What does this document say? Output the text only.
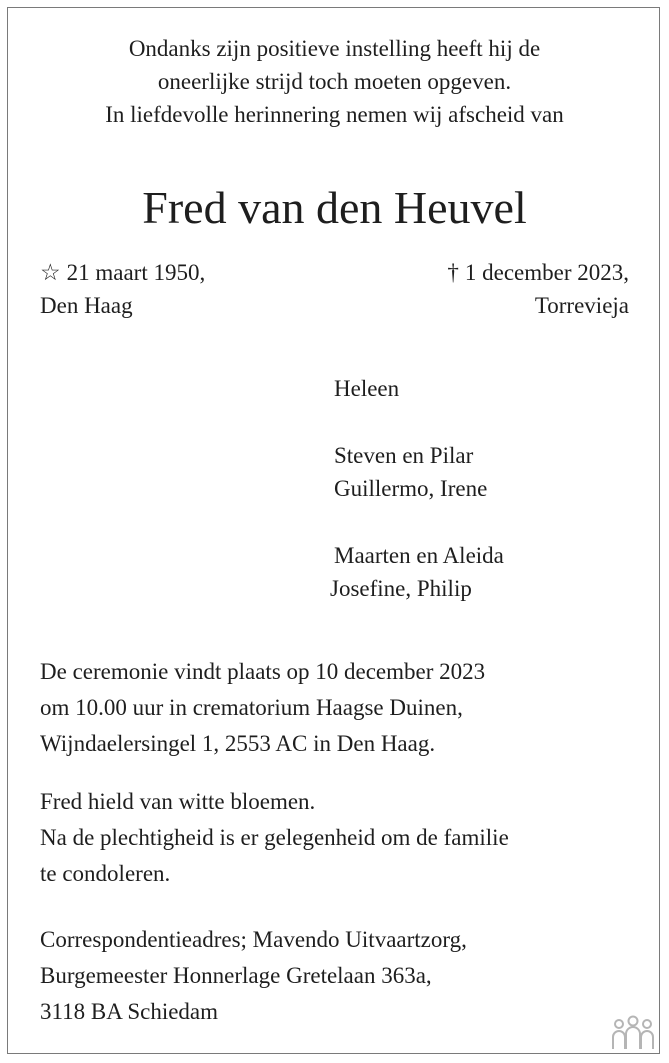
Ondanks zijn positieve instelling heeft hij de
oneerlijke strijd toch moeten opgeven.
In liefdevolle herinnering nemen wij afscheid van
Fred van den Heuvel
☆ 21 maart 1950,
Den Haag
† 1 december 2023,
Torrevieja
Heleen
Steven en Pilar
Guillermo, Irene
Maarten en Aleida
Josefine, Philip
De ceremonie vindt plaats op 10 december 2023
om 10.00 uur in crematorium Haagse Duinen,
Wijndaelersingel 1, 2553 AC in Den Haag.
Fred hield van witte bloemen.
Na de plechtigheid is er gelegenheid om de familie
te condoleren.
Correspondentieadres; Mavendo Uitvaartzorg,
Burgemeester Honnerlage Gretelaan 363a,
3118 BA Schiedam
